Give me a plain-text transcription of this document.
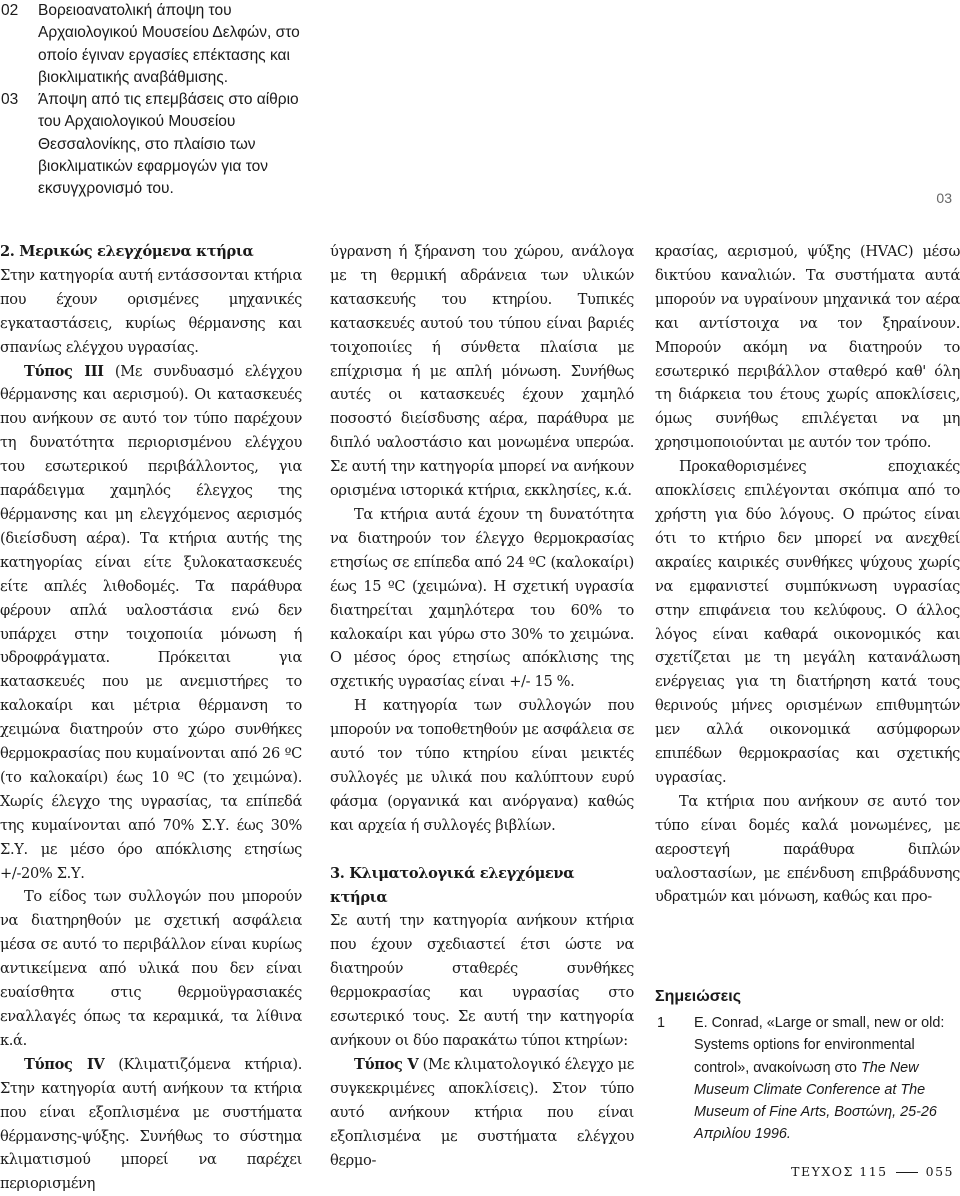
02	Βορειοανατολική άποψη του Αρχαιολογικού Μουσείου Δελφών, στο οποίο έγιναν εργασίες επέκτασης και βιοκλιματικής αναβάθμισης.
03	Άποψη από τις επεμβάσεις στο αίθριο του Αρχαιολογικού Μουσείου Θεσσαλονίκης, στο πλαίσιο των βιοκλιματικών εφαρμογών για τον εκσυγχρονισμό του.
03
2. Μερικώς ελεγχόμενα κτήρια

Στην κατηγορία αυτή εντάσσονται κτήρια που έχουν ορισμένες μηχανικές εγκαταστάσεις, κυρίως θέρμανσης και σπανίως ελέγχου υγρασίας.

Τύπος ΙΙΙ (Με συνδυασμό ελέγχου θέρμανσης και αερισμού). Οι κατασκευές που ανήκουν σε αυτό τον τύπο παρέχουν τη δυνατότητα περιορισμένου ελέγχου του εσωτερικού περιβάλλοντος, για παράδειγμα χαμηλός έλεγχος της θέρμανσης και μη ελεγχόμενος αερισμός (διείσδυση αέρα). Τα κτήρια αυτής της κατηγορίας είναι είτε ξυλοκατασκευές είτε απλές λιθοδομές. Τα παράθυρα φέρουν απλά υαλοστάσια ενώ δεν υπάρχει στην τοιχοποιία μόνωση ή υδροφράγματα. Πρόκειται για κατασκευές που με ανεμιστήρες το καλοκαίρι και μέτρια θέρμανση το χειμώνα διατηρούν στο χώρο συνθήκες θερμοκρασίας που κυμαίνονται από 26 ºC (το καλοκαίρι) έως 10 ºC (το χειμώνα). Χωρίς έλεγχο της υγρασίας, τα επίπεδά της κυμαίνονται από 70% Σ.Υ. έως 30% Σ.Υ. με μέσο όρο απόκλισης ετησίως +/-20% Σ.Υ.

Το είδος των συλλογών που μπορούν να διατηρηθούν με σχετική ασφάλεια μέσα σε αυτό το περιβάλλον είναι κυρίως αντικείμενα από υλικά που δεν είναι ευαίσθητα στις θερμοϋγρασιακές εναλλαγές όπως τα κεραμικά, τα λίθινα κ.ά.

Τύπος IV (Κλιματιζόμενα κτήρια). Στην κατηγορία αυτή ανήκουν τα κτήρια που είναι εξοπλισμένα με συστήματα θέρμανσης-ψύξης. Συνήθως το σύστημα κλιματισμού μπορεί να παρέχει περιορισμένη

ύγρανση ή ξήρανση του χώρου, ανάλογα με τη θερμική αδράνεια των υλικών κατασκευής του κτηρίου. Τυπικές κατασκευές αυτού του τύπου είναι βαριές τοιχοποιίες ή σύνθετα πλαίσια με επίχρισμα ή με απλή μόνωση. Συνήθως αυτές οι κατασκευές έχουν χαμηλό ποσοστό διείσδυσης αέρα, παράθυρα με διπλό υαλοστάσιο και μονωμένα υπερώα. Σε αυτή την κατηγορία μπορεί να ανήκουν ορισμένα ιστορικά κτήρια, εκκλησίες, κ.ά.

Τα κτήρια αυτά έχουν τη δυνατότητα να διατηρούν τον έλεγχο θερμοκρασίας ετησίως σε επίπεδα από 24 ºC (καλοκαίρι) έως 15 ºC (χειμώνα). Η σχετική υγρασία διατηρείται χαμηλότερα του 60% το καλοκαίρι και γύρω στο 30% το χειμώνα. Ο μέσος όρος ετησίως απόκλισης της σχετικής υγρασίας είναι +/- 15 %.

Η κατηγορία των συλλογών που μπορούν να τοποθετηθούν με ασφάλεια σε αυτό τον τύπο κτηρίου είναι μεικτές συλλογές με υλικά που καλύπτουν ευρύ φάσμα (οργανικά και ανόργανα) καθώς και αρχεία ή συλλογές βιβλίων.

3. Κλιματολογικά ελεγχόμενα κτήρια

Σε αυτή την κατηγορία ανήκουν κτήρια που έχουν σχεδιαστεί έτσι ώστε να διατηρούν σταθερές συνθήκες θερμοκρασίας και υγρασίας στο εσωτερικό τους. Σε αυτή την κατηγορία ανήκουν οι δύο παρακάτω τύποι κτηρίων:

Τύπος V (Με κλιματολογικό έλεγχο με συγκεκριμένες αποκλίσεις). Στον τύπο αυτό ανήκουν κτήρια που είναι εξοπλισμένα με συστήματα ελέγχου θερμο-

κρασίας, αερισμού, ψύξης (HVAC) μέσω δικτύου καναλιών. Τα συστήματα αυτά μπορούν να υγραίνουν μηχανικά τον αέρα και αντίστοιχα να τον ξηραίνουν. Μπορούν ακόμη να διατηρούν το εσωτερικό περιβάλλον σταθερό καθ' όλη τη διάρκεια του έτους χωρίς αποκλίσεις, όμως συνήθως επιλέγεται να μη χρησιμοποιούνται με αυτόν τον τρόπο.

Προκαθορισμένες εποχιακές αποκλίσεις επιλέγονται σκόπιμα από το χρήστη για δύο λόγους. Ο πρώτος είναι ότι το κτήριο δεν μπορεί να ανεχθεί ακραίες καιρικές συνθήκες ψύχους χωρίς να εμφανιστεί συμπύκνωση υγρασίας στην επιφάνεια του κελύφους. Ο άλλος λόγος είναι καθαρά οικονομικός και σχετίζεται με τη μεγάλη κατανάλωση ενέργειας για τη διατήρηση κατά τους θερινούς μήνες ορισμένων επιθυμητών μεν αλλά οικονομικά ασύμφορων επιπέδων θερμοκρασίας και σχετικής υγρασίας.

Τα κτήρια που ανήκουν σε αυτό τον τύπο είναι δομές καλά μονωμένες, με αεροστεγή παράθυρα διπλών υαλοστασίων, με επένδυση επιβράδυνσης υδρατμών και μόνωση, καθώς και προ-

Σημειώσεις
1	E. Conrad, «Large or small, new or old: Systems options for environmental control», ανακοίνωση στο The New Museum Climate Conference at The Museum of Fine Arts, Βοστώνη, 25-26 Απριλίου 1996.
ΤΕΥΧΟΣ 115	055
